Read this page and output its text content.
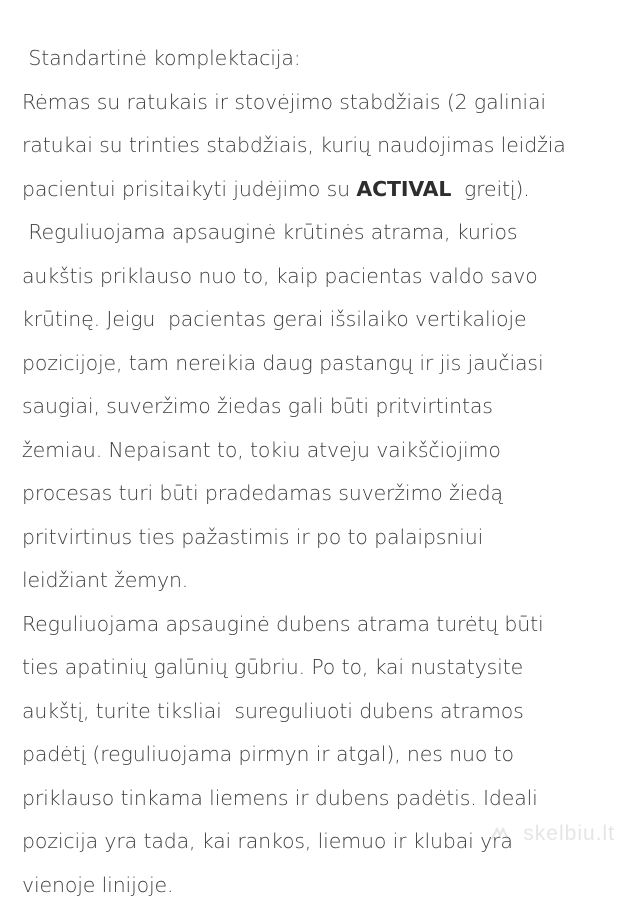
Standartinė komplektacija:
Rėmas su ratukais ir stovėjimo stabdžiais (2 galiniai
ratukai su trinties stabdžiais, kurių naudojimas leidžia
pacientui prisitaikyti judėjimo su ACTIVAL  greitį).
Reguliuojama apsauginė krūtinės atrama, kurios
aukštis priklauso nuo to, kaip pacientas valdo savo
krūtinę. Jeigu  pacientas gerai išsilaiko vertikalioje
pozicijoje, tam nereikia daug pastangų ir jis jaučiasi
saugiai, suveržimo žiedas gali būti pritvirtintas
žemiau. Nepaisant to, tokiu atveju vaikščiojimo
procesas turi būti pradedamas suveržimo žiedą
pritvirtinus ties pažastimis ir po to palaipsniui
leidžiant žemyn.
Reguliuojama apsauginė dubens atrama turėtų būti
ties apatinių galūnių gūbriu. Po to, kai nustatysite
aukštį, turite tiksliai  sureguliuoti dubens atramos
padėtį (reguliuojama pirmyn ir atgal), nes nuo to
priklauso tinkama liemens ir dubens padėtis. Ideali
pozicija yra tada, kai rankos, liemuo ir klubai yra
vienoje linijoje.
skelbiu.lt
